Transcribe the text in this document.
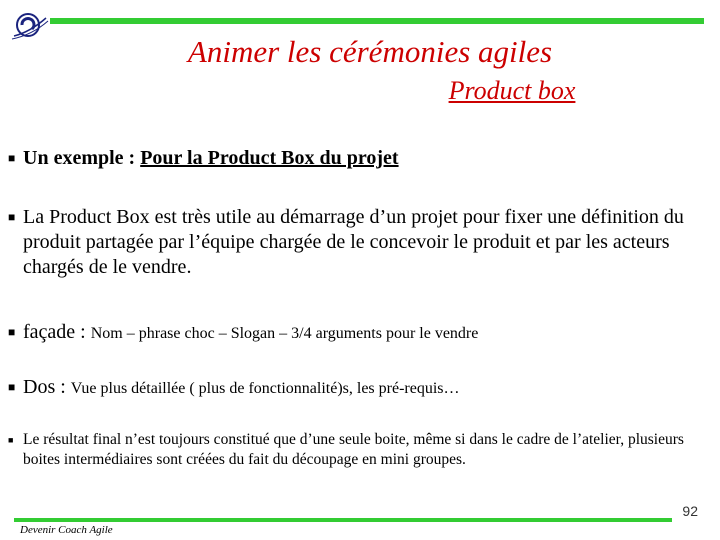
Animer les cérémonies agiles
Product box
■ Un exemple : Pour la Product Box du projet
■ La Product Box est très utile au démarrage d’un projet pour fixer une définition du produit partagée par l’équipe chargée de le concevoir le produit et par les acteurs chargés de le vendre.
■ façade : Nom – phrase choc – Slogan – 3/4 arguments pour le vendre
■ Dos : Vue plus détaillée ( plus de fonctionnalité)s, les pré-requis…
■ Le résultat final n’est toujours constitué que d’une seule boite, même si dans le cadre de l’atelier, plusieurs boites intermédiaires sont créées du fait du découpage en mini groupes.
92
Devenir Coach Agile
